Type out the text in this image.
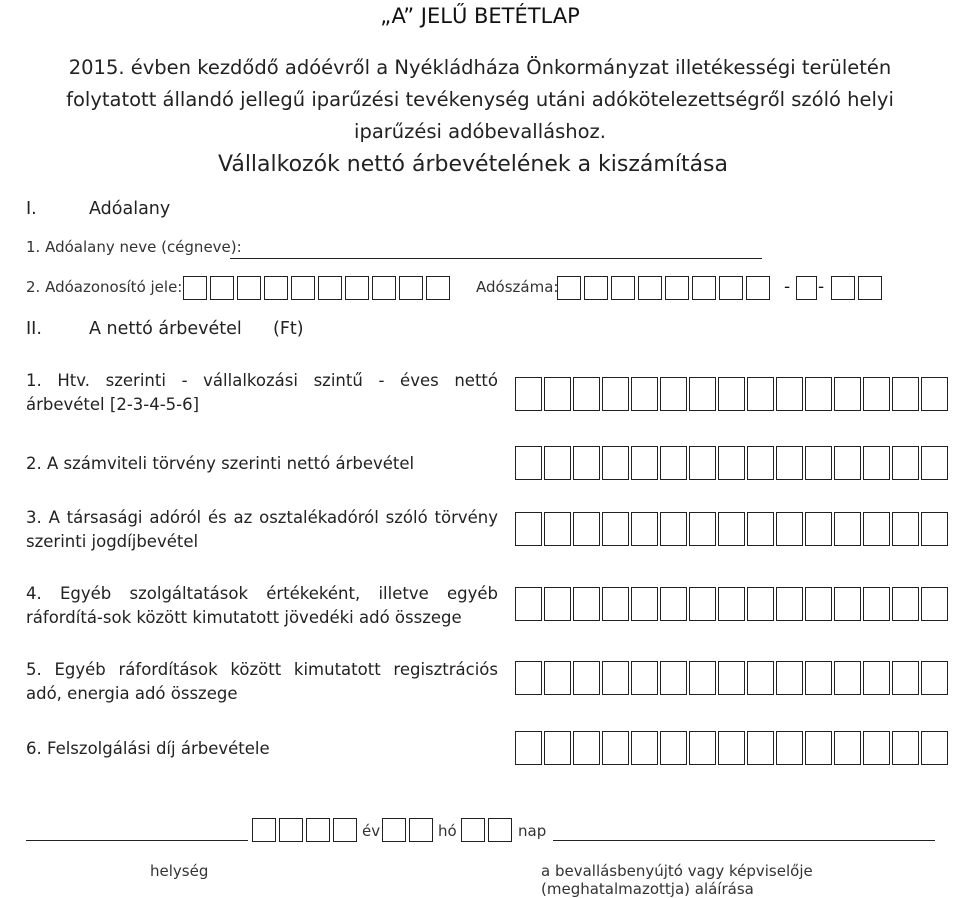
„A” JELŰ BETÉTLAP
2015. évben kezdődő adóévről a Nyékládháza Önkormányzat illetékességi területén folytatott állandó jellegű iparűzési tevékenység utáni adókötelezettségről szóló helyi iparűzési adóbevalláshoz.
Vállalkozók nettó árbevételének a kiszámítása
I.	Adóalany
1. Adóalany neve (cégneve):
2. Adóazonosító jele:	Adószáma:	- -
II.	A nettó árbevétel (Ft)
1. Htv. szerinti - vállalkozási szintű - éves nettó árbevétel [2-3-4-5-6]
2. A számviteli törvény szerinti nettó árbevétel
3. A társasági adóról és az osztalékadóról szóló törvény szerinti jogdíjbevétel
4. Egyéb szolgáltatások értékeként, illetve egyéb ráfordítá-sok között kimutatott jövedéki adó összege
5. Egyéb ráfordítások között kimutatott regisztrációs adó, energia adó összege
6. Felszolgálási díj árbevétele
év	hó	nap
helység	a bevallásbenyújtó vagy képviselője (meghatalmazottja) aláírása
